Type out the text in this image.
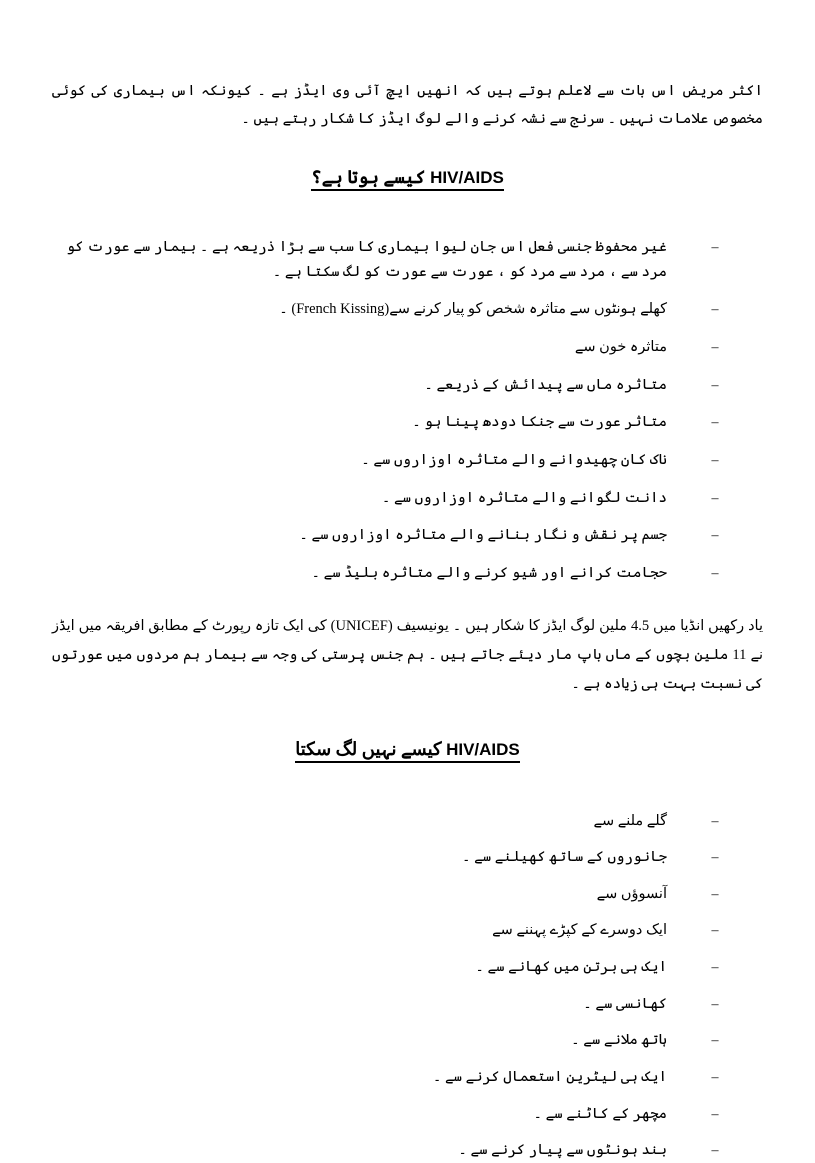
اکثر مریض اس بات سے لاعلم ہوتے ہیں کہ انھیں ایچ آئی وی ایڈز ہے ۔ کیونکہ اس بیماری کی کوئی مخصوص علامات نہیں ۔ سرنج سے نشہ کرنے والے لوگ ایڈز کا شکار رہتے ہیں ۔

کیسے ہوتا ہے؟ HIV/AIDS
غیر محفوظ جنسی فعل اس جان لیوا بیماری کا سب سے بڑا ذریعہ ہے ۔ بیمار سے عورت کو مرد سے ، مرد سے مرد کو ، عورت سے عورت کو لگ سکتا ہے ۔
–
کھلے ہونٹوں سے متاثرہ شخص کو پیار کرنے سے(French Kissing) ۔	–
متاثرہ خون سے	–
متاثرہ ماں سے پیدائش کے ذریعے ۔	–
متاثر عورت سے جنکا دودھ پینا ہو ۔	–
ناک کان چھیدوانے والے متاثرہ اوزاروں سے ۔	–
دانت لگوانے والے متاثرہ اوزاروں سے ۔	–
جسم پر نقش و نگار بنانے والے متاثرہ اوزاروں سے ۔	–
حجامت کرانے اور شیو کرنے والے متاثرہ بلیڈ سے ۔	–

یاد رکھیں انڈیا میں 4.5 ملین لوگ ایڈز کا شکار ہیں ۔ یونیسیف (UNICEF) کی ایک تازہ رپورٹ کے مطابق افریقہ میں ایڈز نے 11 ملین بچوں کے ماں باپ مار دیئے جاتے ہیں ۔ ہم جنس پرستی کی وجہ سے بیمار ہم مردوں میں عورتوں کی نسبت بہت ہی زیادہ ہے ۔

کیسے نہیں لگ سکتا HIV/AIDS
گلے ملنے سے	–
جانوروں کے ساتھ کھیلنے سے ۔	–
آنسوؤں سے	–
ایک دوسرے کے کپڑے پہننے سے	–
ایک ہی برتن میں کھانے سے ۔	–
کھانسی سے ۔	–
ہاتھ ملانے سے ۔	–
ایک ہی لیٹرین استعمال کرنے سے ۔	–
مچھر کے کاٹنے سے ۔	–
بند ہونٹوں سے پیار کرنے سے ۔	–
